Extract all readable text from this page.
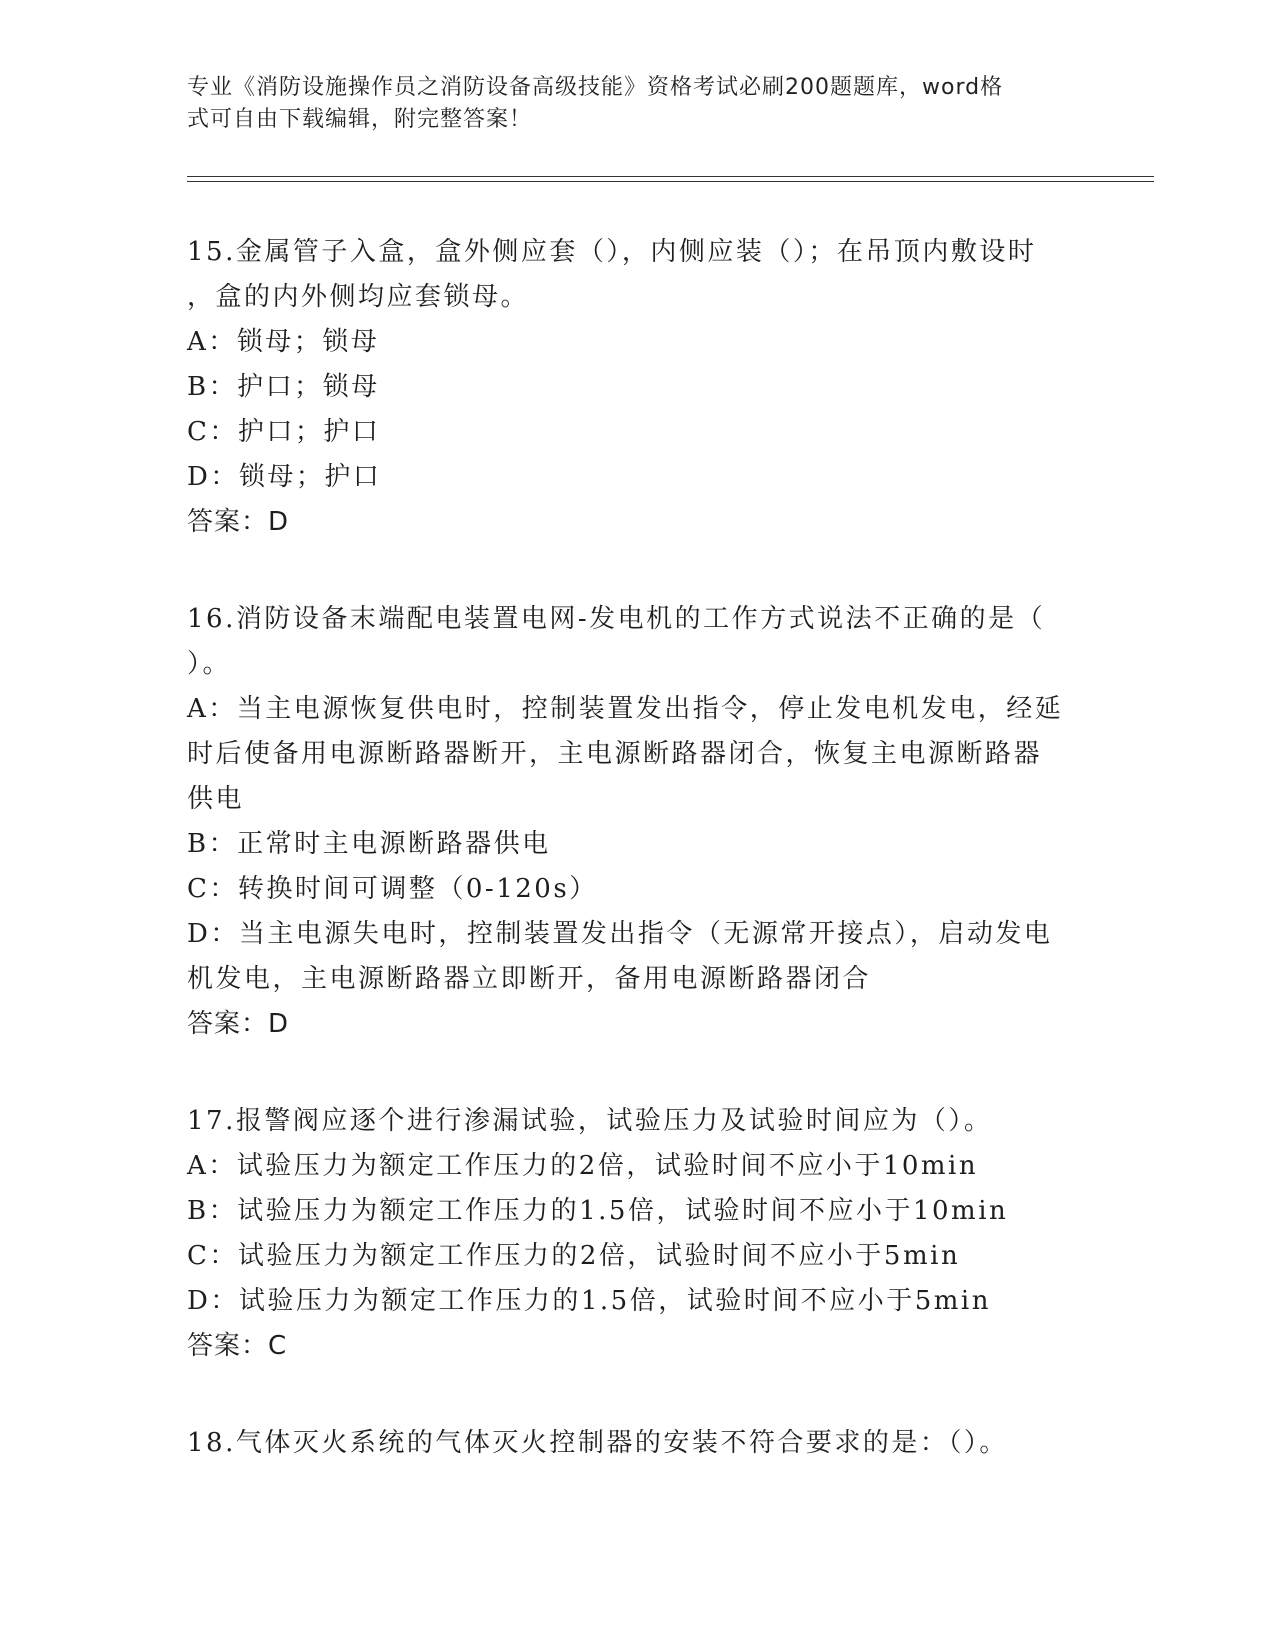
专业《消防设施操作员之消防设备高级技能》资格考试必刷200题题库，word格
式可自由下载编辑，附完整答案！
15.金属管子入盒，盒外侧应套（），内侧应装（）；在吊顶内敷设时
，盒的内外侧均应套锁母。
A：锁母；锁母
B：护口；锁母
C：护口；护口
D：锁母；护口
答案：D
16.消防设备末端配电装置电网-发电机的工作方式说法不正确的是（
）。
A：当主电源恢复供电时，控制装置发出指令，停止发电机发电，经延
时后使备用电源断路器断开，主电源断路器闭合，恢复主电源断路器
供电
B：正常时主电源断路器供电
C：转换时间可调整（0-120s）
D：当主电源失电时，控制装置发出指令（无源常开接点），启动发电
机发电，主电源断路器立即断开，备用电源断路器闭合
答案：D
17.报警阀应逐个进行渗漏试验，试验压力及试验时间应为（）。
A：试验压力为额定工作压力的2倍，试验时间不应小于10min
B：试验压力为额定工作压力的1.5倍，试验时间不应小于10min
C：试验压力为额定工作压力的2倍，试验时间不应小于5min
D：试验压力为额定工作压力的1.5倍，试验时间不应小于5min
答案：C
18.气体灭火系统的气体灭火控制器的安装不符合要求的是：（）。
